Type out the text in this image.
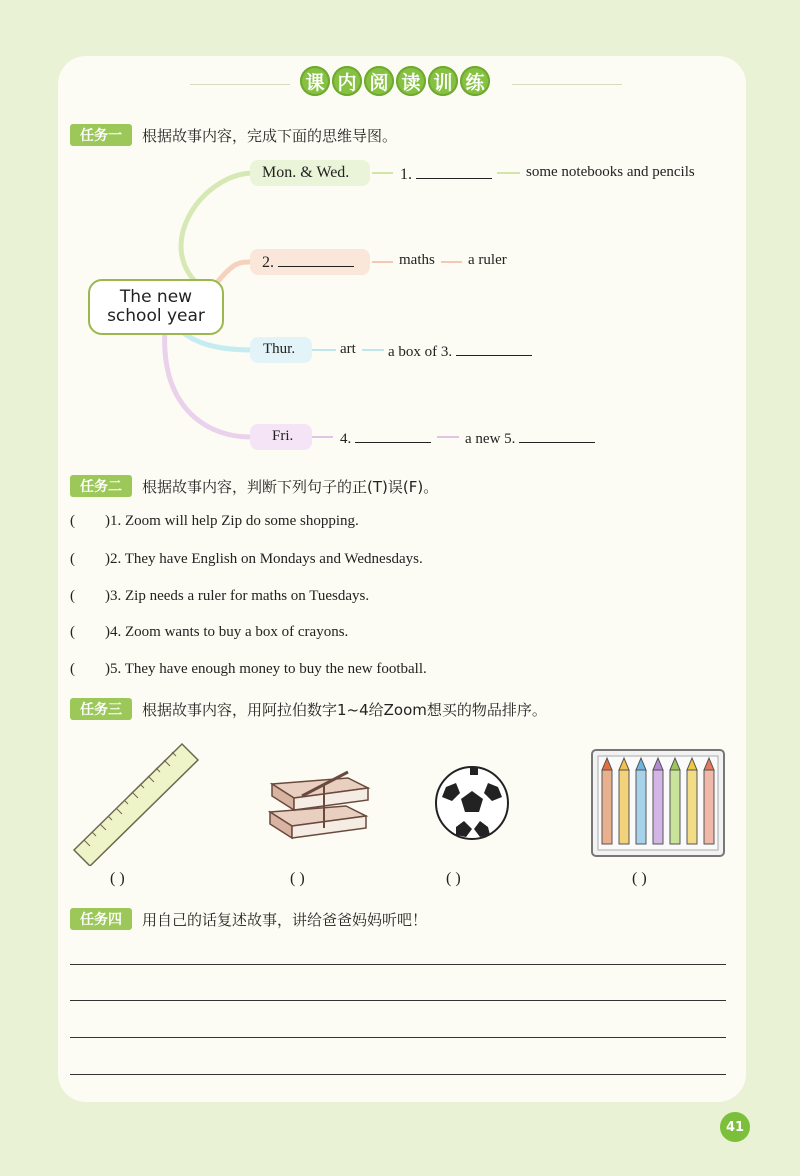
课 内 阅 读 训 练
任务一	根据故事内容，完成下面的思维导图。
The new school year
Mon. & Wed.	1.	some notebooks and pencils
2.	maths a ruler
Thur.	art a box of 3.
Fri.	4.	a new 5.
任务二	根据故事内容，判断下列句子的正(T)误(F)。
(        )1. Zoom will help Zip do some shopping.
(        )2. They have English on Mondays and Wednesdays.
(        )3. Zip needs a ruler for maths on Tuesdays.
(        )4. Zoom wants to buy a box of crayons.
(        )5. They have enough money to buy the new football.
任务三	根据故事内容，用阿拉伯数字1~4给Zoom想买的物品排序。
( )	( )	( )	( )
任务四	用自己的话复述故事，讲给爸爸妈妈听吧！
41
